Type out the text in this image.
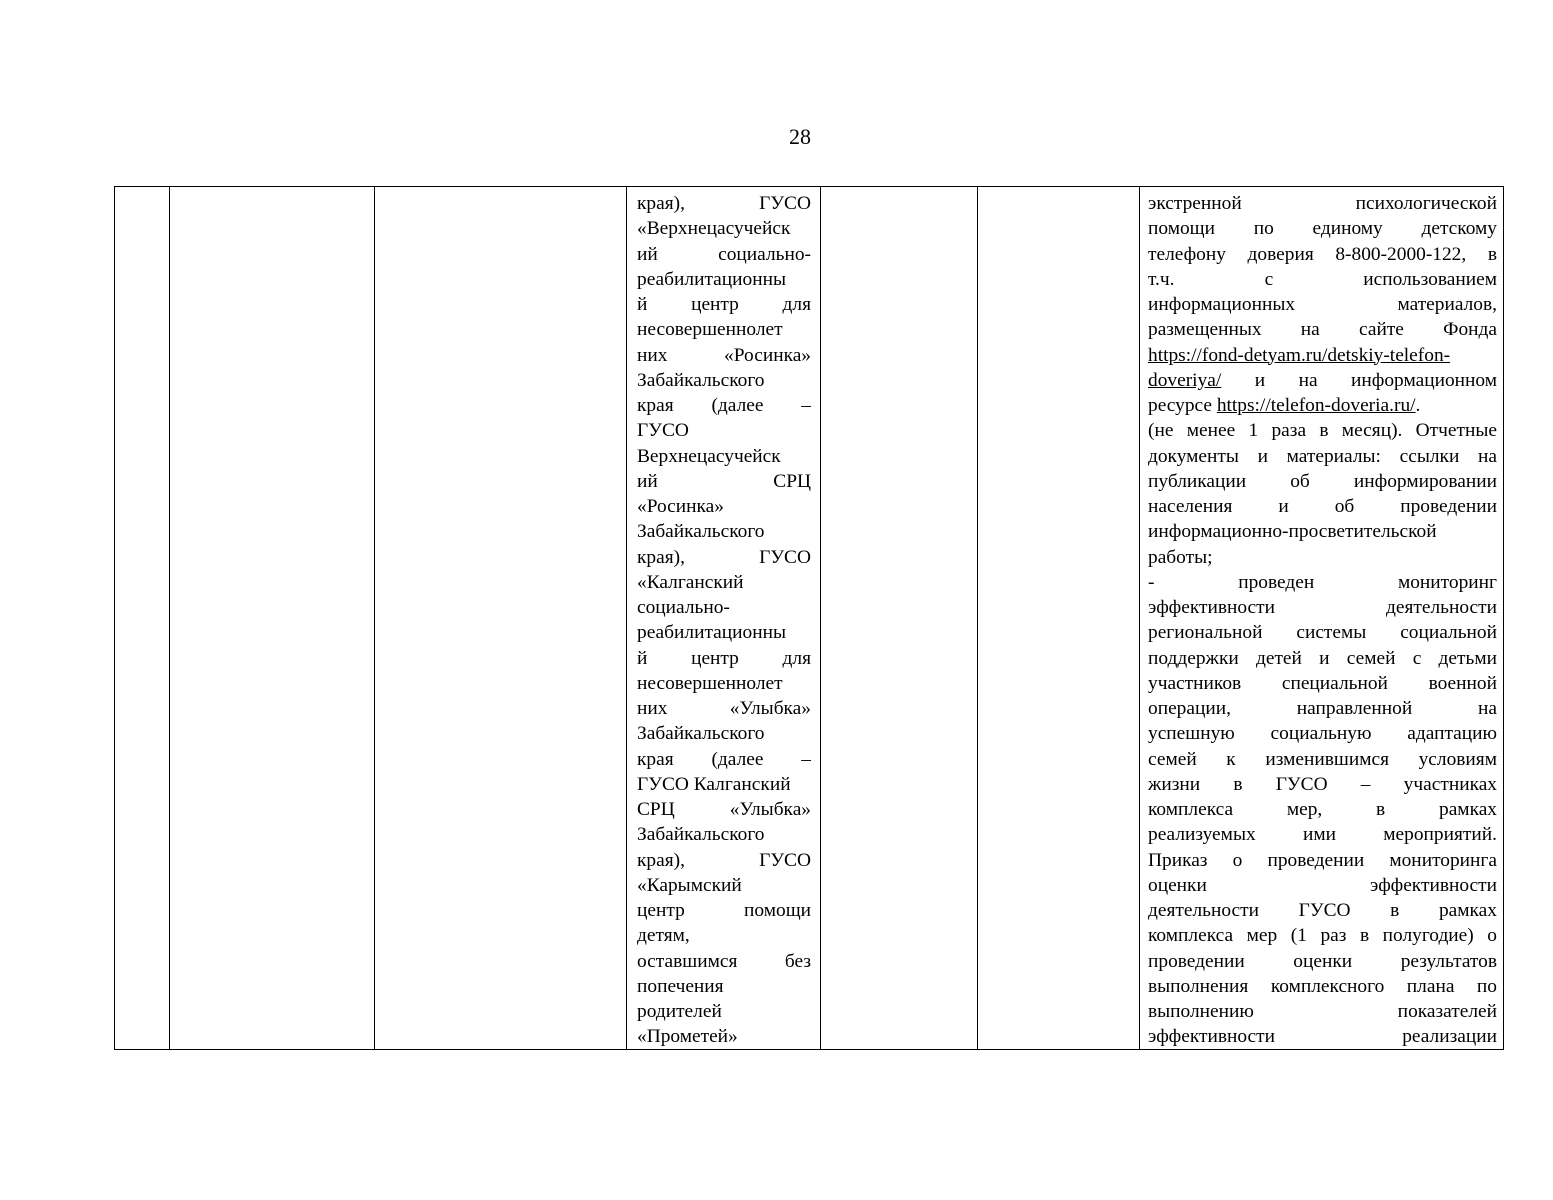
28
края), ГУСО
«Верхнецасучейск
ий социально-
реабилитационны
й центр для
несовершеннолет
них «Росинка»
Забайкальского
края (далее –
ГУСО
Верхнецасучейск
ий СРЦ
«Росинка»
Забайкальского
края), ГУСО
«Калганский
социально-
реабилитационны
й центр для
несовершеннолет
них «Улыбка»
Забайкальского
края (далее –
ГУСО Калганский
СРЦ «Улыбка»
Забайкальского
края), ГУСО
«Карымский
центр помощи
детям,
оставшимся без
попечения
родителей
«Прометей»
экстренной психологической
помощи по единому детскому
телефону доверия 8-800-2000-122, в
т.ч. с использованием
информационных материалов,
размещенных на сайте Фонда
https://fond-detyam.ru/detskiy-telefon-
doveriya/ и на информационном
ресурсе https://telefon-doveria.ru/.
(не менее 1 раза в месяц). Отчетные
документы и материалы: ссылки на
публикации об информировании
населения и об проведении
информационно-просветительской
работы;
- проведен мониторинг
эффективности деятельности
региональной системы социальной
поддержки детей и семей с детьми
участников специальной военной
операции, направленной на
успешную социальную адаптацию
семей к изменившимся условиям
жизни в ГУСО – участниках
комплекса мер, в рамках
реализуемых ими мероприятий.
Приказ о проведении мониторинга
оценки эффективности
деятельности ГУСО в рамках
комплекса мер (1 раз в полугодие) о
проведении оценки результатов
выполнения комплексного плана по
выполнению показателей
эффективности реализации
